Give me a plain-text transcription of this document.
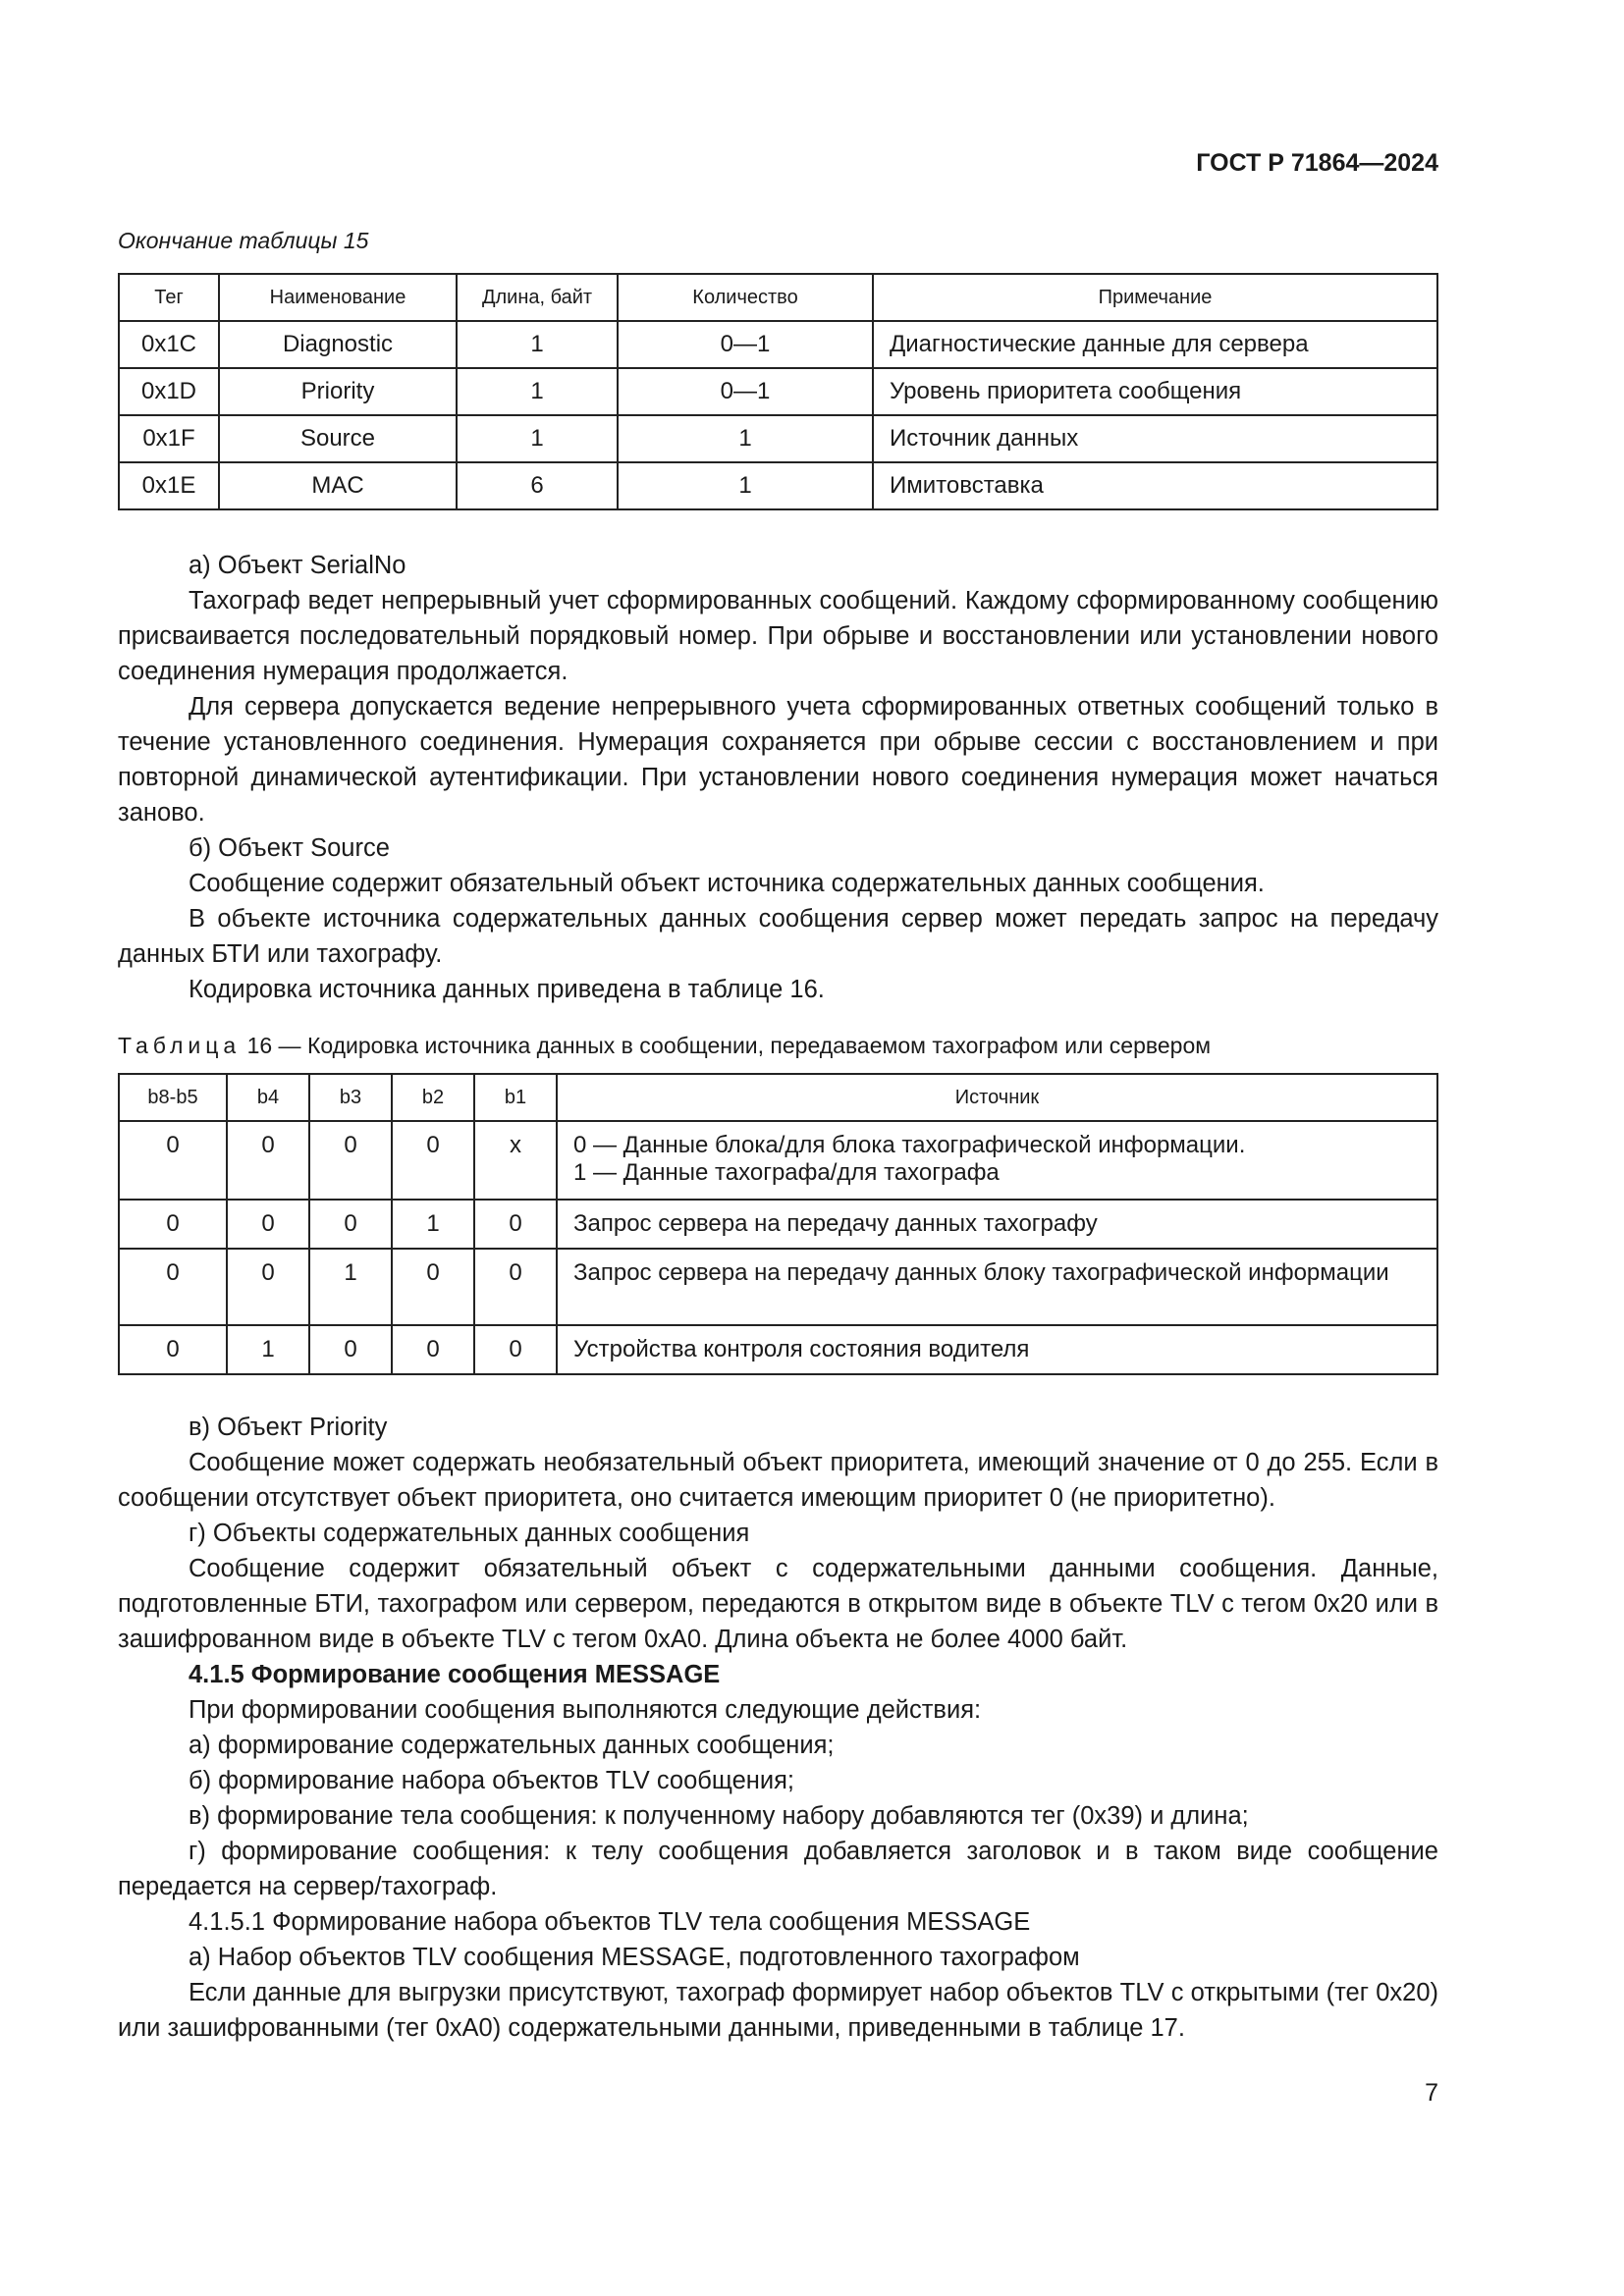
ГОСТ Р 71864—2024
Окончание таблицы 15
Тег	Наименование	Длина, байт	Количество	Примечание
0x1C	Diagnostic	1	0—1	Диагностические данные для сервера
0x1D	Priority	1	0—1	Уровень приоритета сообщения
0x1F	Source	1	1	Источник данных
0x1E	MAC	6	1	Имитовставка

а) Объект SerialNo

Тахограф ведет непрерывный учет сформированных сообщений. Каждому сформированному сообщению присваивается последовательный порядковый номер. При обрыве и восстановлении или установлении нового соединения нумерация продолжается.

Для сервера допускается ведение непрерывного учета сформированных ответных сообщений только в течение установленного соединения. Нумерация сохраняется при обрыве сессии с восстановлением и при повторной динамической аутентификации. При установлении нового соединения нумерация может начаться заново.

б) Объект Source

Сообщение содержит обязательный объект источника содержательных данных сообщения.

В объекте источника содержательных данных сообщения сервер может передать запрос на передачу данных БТИ или тахографу.

Кодировка источника данных приведена в таблице 16.

Таблица 16 — Кодировка источника данных в сообщении, передаваемом тахографом или сервером
b8-b5	b4	b3	b2	b1	Источник
0	0	0	0	x	0 — Данные блока/для блока тахографической информации.
1 — Данные тахографа/для тахографа

0	0	0	1	0	Запрос сервера на передачу данных тахографу
0	0	1	0	0	Запрос сервера на передачу данных блоку тахографической информации
0	1	0	0	0	Устройства контроля состояния водителя

в) Объект Priority

Сообщение может содержать необязательный объект приоритета, имеющий значение от 0 до 255. Если в сообщении отсутствует объект приоритета, оно считается имеющим приоритет 0 (не приоритетно).

г) Объекты содержательных данных сообщения

Сообщение содержит обязательный объект с содержательными данными сообщения. Данные, подготовленные БТИ, тахографом или сервером, передаются в открытом виде в объекте TLV с тегом 0x20 или в зашифрованном виде в объекте TLV с тегом 0xA0. Длина объекта не более 4000 байт.

4.1.5 Формирование сообщения MESSAGE

При формировании сообщения выполняются следующие действия:

а) формирование содержательных данных сообщения;

б) формирование набора объектов TLV сообщения;

в) формирование тела сообщения: к полученному набору добавляются тег (0x39) и длина;

г) формирование сообщения: к телу сообщения добавляется заголовок и в таком виде сообщение передается на сервер/тахограф.

4.1.5.1 Формирование набора объектов TLV тела сообщения MESSAGE

а) Набор объектов TLV сообщения MESSAGE, подготовленного тахографом

Если данные для выгрузки присутствуют, тахограф формирует набор объектов TLV с открытыми (тег 0x20) или зашифрованными (тег 0xA0) содержательными данными, приведенными в таблице 17.

7
